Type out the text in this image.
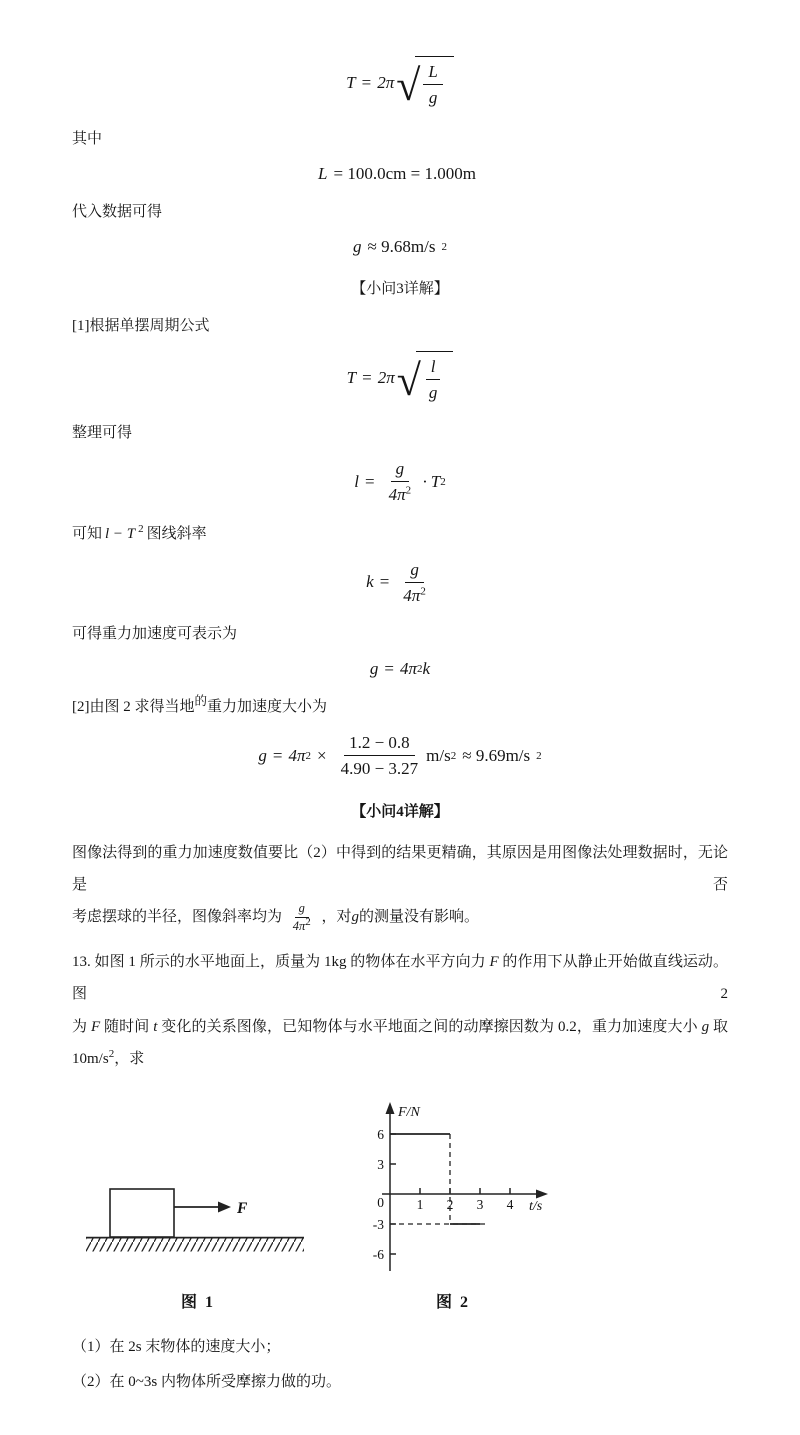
T = 2π √ $\frac{L}{g}$
其中
L = 100.0cm = 1.000m
代入数据可得
g ≈ 9.68m/s 2
【小问3详解】
[1]根据单摆周期公式
T = 2π √ $\frac{l}{g}$
整理可得
$l = \frac{g}{4\pi^2} \cdot T$ 2
可知 l − T $^2$ 图线斜率
$k = \frac{g}{4\pi^2}$
可得重力加速度可表示为
g = 4π 2 k
[2]由图 2 求得当地$^的$重力加速度大小为
g = 4π $2 \times \frac{1.2 - 0.8}{4.90 - 3.27} m/s$ 2 ≈ 9.69m/s 2
【小问4详解】
图像法得到的重力加速度数值要比（2）中得到的结果更精确，其原因是用图像法处理数据时，无论是否
考虑摆球的半径，图像斜率均为 $\frac{g}{4\pi^2}$ ，对g的测量没有影响。
13. 如图 1 所示的水平地面上，质量为 1kg 的物体在水平方向力 F 的作用下从静止开始做直线运动。图 2
为 F 随时间 t 变化的关系图像，已知物体与水平地面之间的动摩擦因数为 0.2，重力加速度大小 g 取
$10m/s^2$，求
F
图 1
6
3
0
-3
-6
1 2 3 4
F/N
t/s
图 2
（1）在 2s 末物体的速度大小；
（2）在 0~3s 内物体所受摩擦力做的功。
